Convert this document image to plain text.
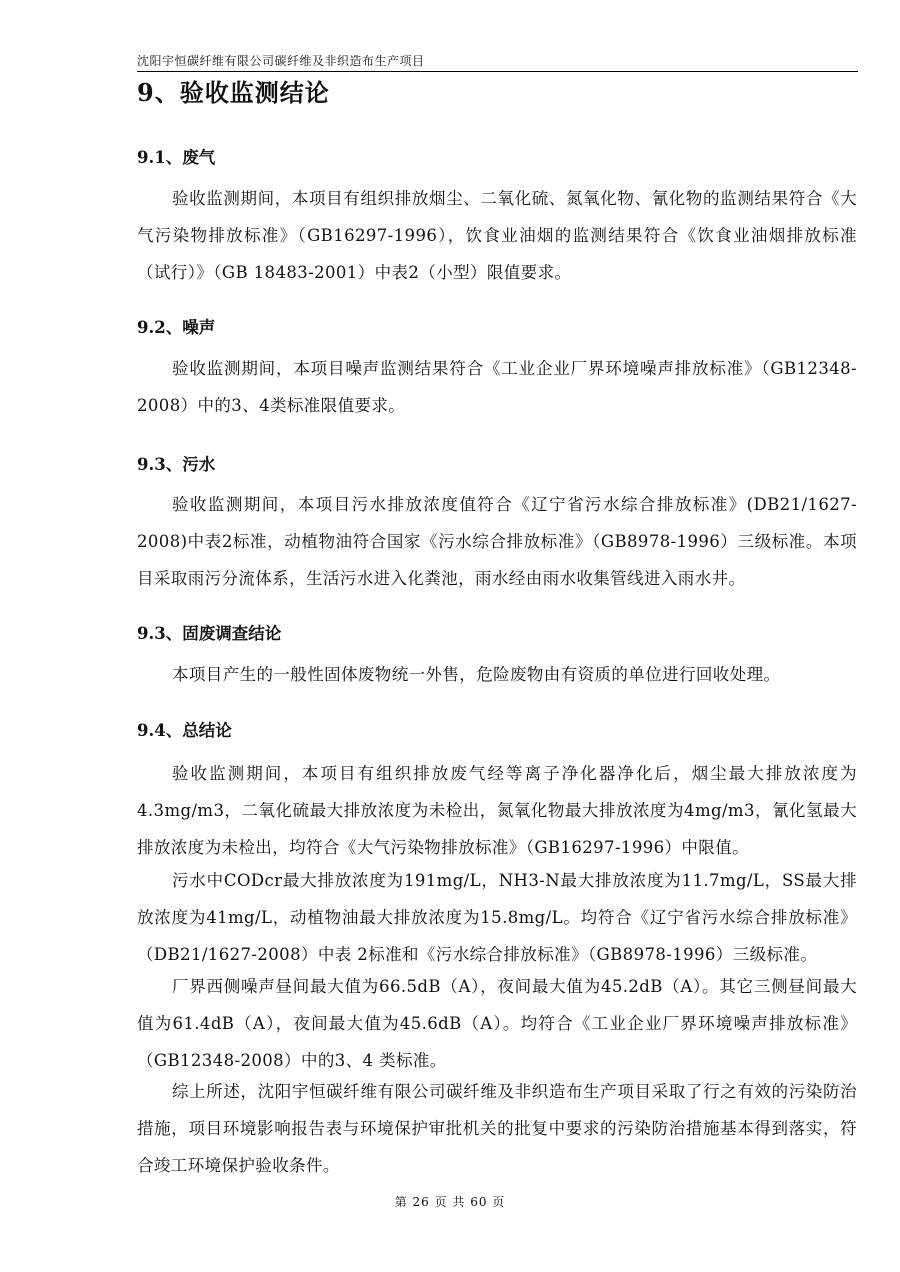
沈阳宇恒碳纤维有限公司碳纤维及非织造布生产项目
9、验收监测结论
9.1、废气
验收监测期间，本项目有组织排放烟尘、二氧化硫、氮氧化物、氰化物的监测结果符合《大气污染物排放标准》（GB16297-1996），饮食业油烟的监测结果符合《饮食业油烟排放标准（试行）》（GB 18483-2001）中表2（小型）限值要求。
9.2、噪声
验收监测期间，本项目噪声监测结果符合《工业企业厂界环境噪声排放标准》（GB12348-2008）中的3、4类标准限值要求。
9.3、污水
验收监测期间，本项目污水排放浓度值符合《辽宁省污水综合排放标准》(DB21/1627-2008)中表2标准，动植物油符合国家《污水综合排放标准》（GB8978-1996）三级标准。本项目采取雨污分流体系，生活污水进入化粪池，雨水经由雨水收集管线进入雨水井。
9.3、固废调查结论
本项目产生的一般性固体废物统一外售，危险废物由有资质的单位进行回收处理。
9.4、总结论
验收监测期间，本项目有组织排放废气经等离子净化器净化后，烟尘最大排放浓度为4.3mg/m3，二氧化硫最大排放浓度为未检出，氮氧化物最大排放浓度为4mg/m3，氰化氢最大排放浓度为未检出，均符合《大气污染物排放标准》（GB16297-1996）中限值。
污水中CODcr最大排放浓度为191mg/L，NH3-N最大排放浓度为11.7mg/L，SS最大排放浓度为41mg/L，动植物油最大排放浓度为15.8mg/L。均符合《辽宁省污水综合排放标准》（DB21/1627-2008）中表 2标准和《污水综合排放标准》（GB8978-1996）三级标准。
厂界西侧噪声昼间最大值为66.5dB（A），夜间最大值为45.2dB（A）。其它三侧昼间最大值为61.4dB（A），夜间最大值为45.6dB（A）。均符合《工业企业厂界环境噪声排放标准》（GB12348-2008）中的3、4 类标准。
综上所述，沈阳宇恒碳纤维有限公司碳纤维及非织造布生产项目采取了行之有效的污染防治措施，项目环境影响报告表与环境保护审批机关的批复中要求的污染防治措施基本得到落实，符合竣工环境保护验收条件。
第 26 页 共 60 页
